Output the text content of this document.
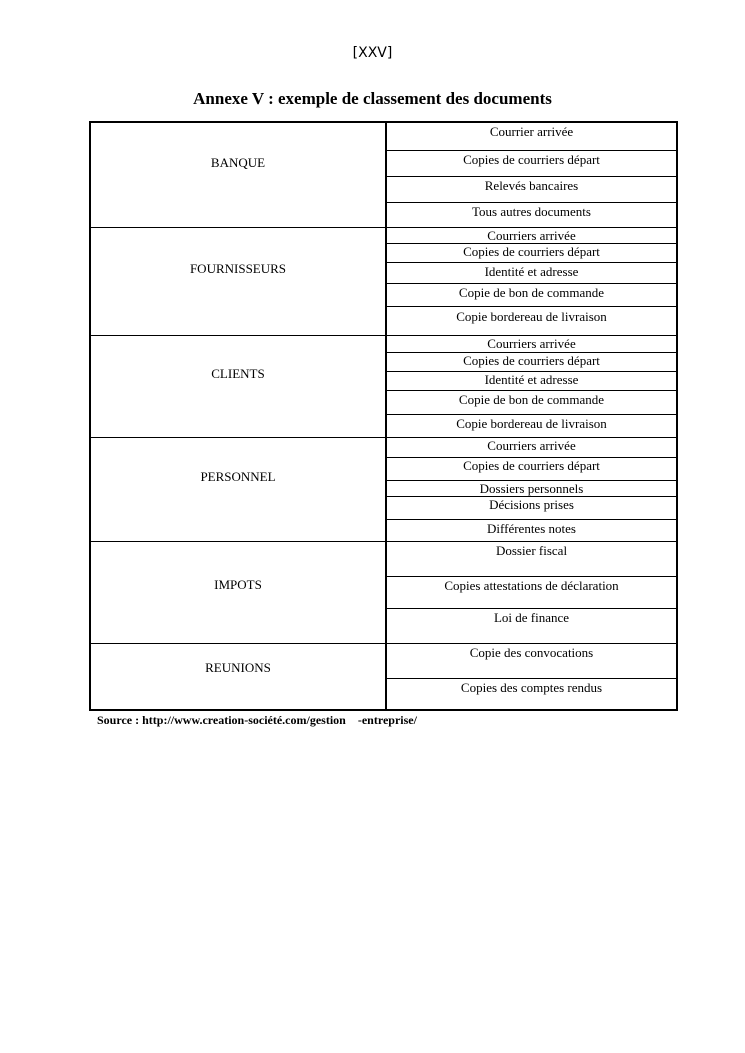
[XXV]
Annexe V : exemple de classement des documents
BANQUE
Courrier arrivée
Copies de courriers départ
Relevés bancaires
Tous autres documents
FOURNISSEURS
Courriers arrivée
Copies de courriers départ
Identité et adresse
Copie de bon de commande
Copie bordereau de livraison
CLIENTS
Courriers arrivée
Copies de courriers départ
Identité et adresse
Copie de bon de commande
Copie bordereau de livraison
PERSONNEL
Courriers arrivée
Copies de courriers départ
Dossiers personnels
Décisions prises
Différentes notes
IMPOTS
Dossier fiscal
Copies attestations de déclaration
Loi de finance
REUNIONS
Copie des convocations
Copies des comptes rendus
Source : http://www.creation-société.com/gestion -entreprise/
